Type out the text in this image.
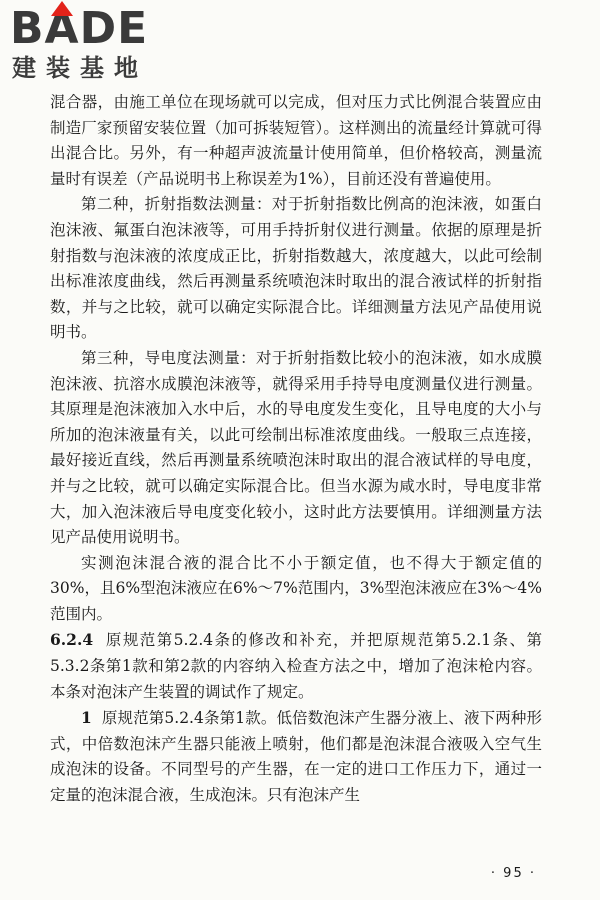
B A DE
建装基地

混合器，由施工单位在现场就可以完成，但对压力式比例混合装置应由制造厂家预留安装位置（加可拆装短管）。这样测出的流量经计算就可得出混合比。另外，有一种超声波流量计使用简单，但价格较高，测量流量时有误差（产品说明书上称误差为1%），目前还没有普遍使用。

第二种，折射指数法测量：对于折射指数比例高的泡沫液，如蛋白泡沫液、氟蛋白泡沫液等，可用手持折射仪进行测量。依据的原理是折射指数与泡沫液的浓度成正比，折射指数越大，浓度越大，以此可绘制出标准浓度曲线，然后再测量系统喷泡沫时取出的混合液试样的折射指数，并与之比较，就可以确定实际混合比。详细测量方法见产品使用说明书。

第三种，导电度法测量：对于折射指数比较小的泡沫液，如水成膜泡沫液、抗溶水成膜泡沫液等，就得采用手持导电度测量仪进行测量。其原理是泡沫液加入水中后，水的导电度发生变化，且导电度的大小与所加的泡沫液量有关，以此可绘制出标准浓度曲线。一般取三点连接，最好接近直线，然后再测量系统喷泡沫时取出的混合液试样的导电度，并与之比较，就可以确定实际混合比。但当水源为咸水时，导电度非常大，加入泡沫液后导电度变化较小，这时此方法要慎用。详细测量方法见产品使用说明书。

实测泡沫混合液的混合比不小于额定值，也不得大于额定值的30%，且6%型泡沫液应在6%～7%范围内，3%型泡沫液应在3%～4%范围内。

6.2.4 原规范第5.2.4条的修改和补充，并把原规范第5.2.1条、第5.3.2条第1款和第2款的内容纳入检查方法之中，增加了泡沫枪内容。本条对泡沫产生装置的调试作了规定。

1 原规范第5.2.4条第1款。低倍数泡沫产生器分液上、液下两种形式，中倍数泡沫产生器只能液上喷射，他们都是泡沫混合液吸入空气生成泡沫的设备。不同型号的产生器，在一定的进口工作压力下，通过一定量的泡沫混合液，生成泡沫。只有泡沫产生

· 95 ·
